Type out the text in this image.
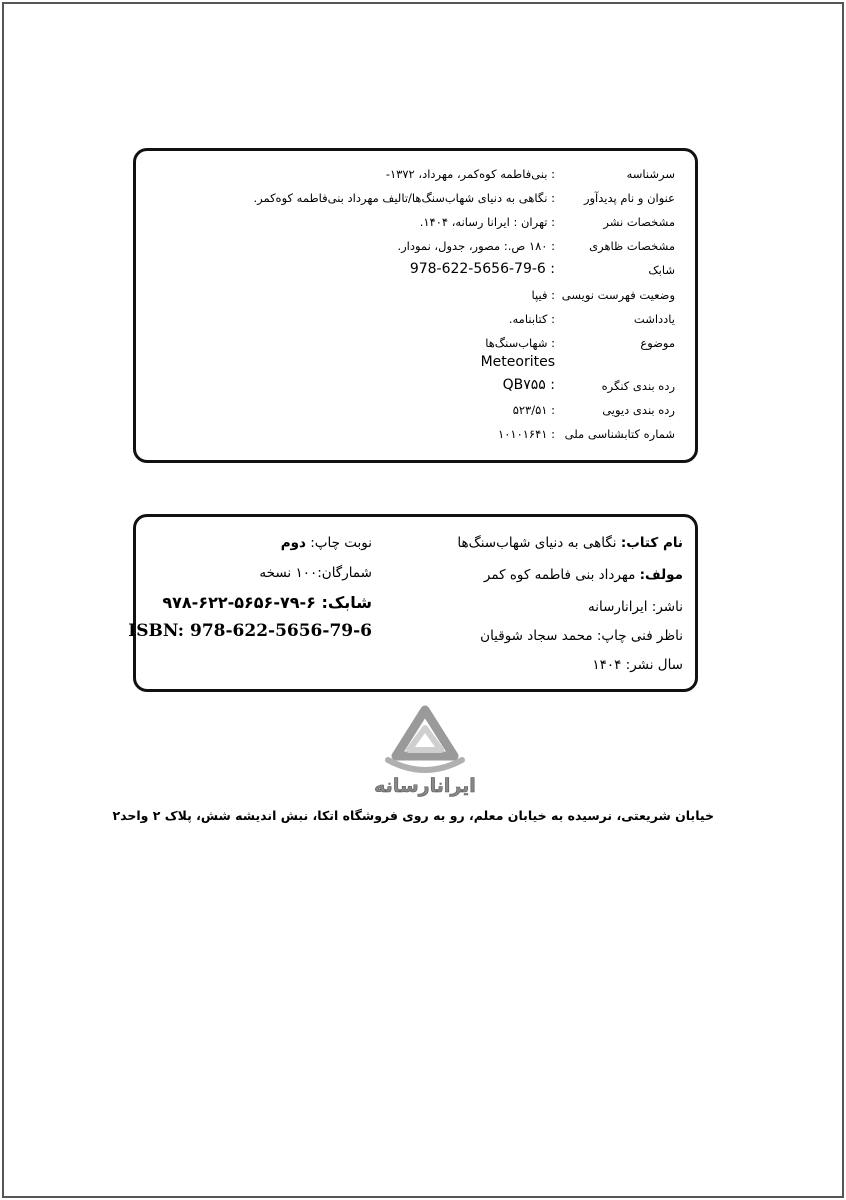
سرشناسه
: بنی‌فاطمه کوه‌کمر، مهرداد، ۱۳۷۲-
عنوان و نام پدیدآور
: نگاهی به دنیای شهاب‌سنگ‌ها/تالیف مهرداد بنی‌فاطمه کوه‌کمر.
مشخصات نشر
: تهران : ایرانا رسانه، ۱۴۰۴.
مشخصات ظاهری
: ۱۸۰ ص.: مصور، جدول، نمودار.
شابک
: 978-622-5656-79-6
وضعیت فهرست نویسی
: فیپا
یادداشت
: کتابنامه.
موضوع
: شهاب‌سنگ‌ها
Meteorites
رده بندی کنگره
: QB۷۵۵
رده بندی دیویی
: ۵۲۳/۵۱
شماره کتابشناسی ملی
: ۱۰۱۰۱۶۴۱
نام کتاب: نگاهی به دنیای شهاب‌سنگ‌ها
مولف: مهرداد بنی فاطمه کوه کمر
ناشر: ایرانارسانه
ناظر فنی چاپ: محمد سجاد شوقیان
سال نشر: ۱۴۰۴
نوبت چاپ: دوم
شمارگان:۱۰۰ نسخه
شابک: ۶-۷۹-۵۶۵۶-۶۲۲-۹۷۸
ISBN: 978-622-5656-79-6
ایرانارسانه
خیابان شریعتی، نرسیده به خیابان معلم، رو به روی فروشگاه اتکا، نبش اندیشه شش، پلاک ۲ واحد۲
